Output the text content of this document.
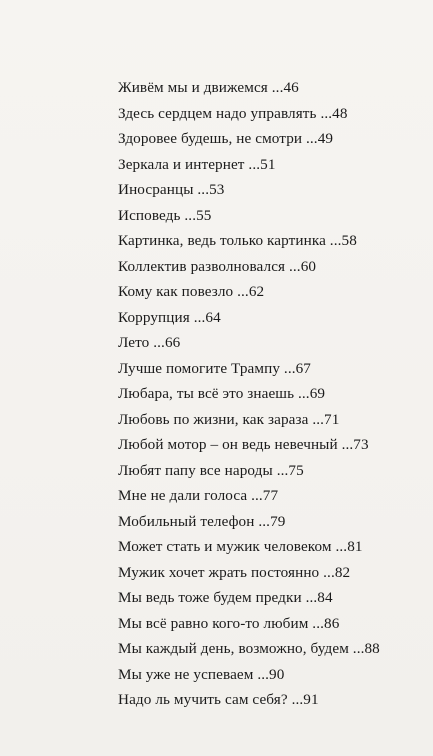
Живём мы и движемся ...46
Здесь сердцем надо управлять ...48
Здоровее будешь, не смотри ...49
Зеркала и интернет ...51
Иносранцы ...53
Исповедь ...55
Картинка, ведь только картинка ...58
Коллектив разволновался ...60
Кому как повезло ...62
Коррупция ...64
Лето ...66
Лучше помогите Трампу ...67
Любара, ты всё это знаешь ...69
Любовь по жизни, как зараза ...71
Любой мотор – он ведь невечный ...73
Любят папу все народы ...75
Мне не дали голоса ...77
Мобильный телефон ...79
Может стать и мужик человеком ...81
Мужик хочет жрать постоянно ...82
Мы ведь тоже будем предки ...84
Мы всё равно кого-то любим ...86
Мы каждый день, возможно, будем ...88
Мы уже не успеваем ...90
Надо ль мучить сам себя? ...91
